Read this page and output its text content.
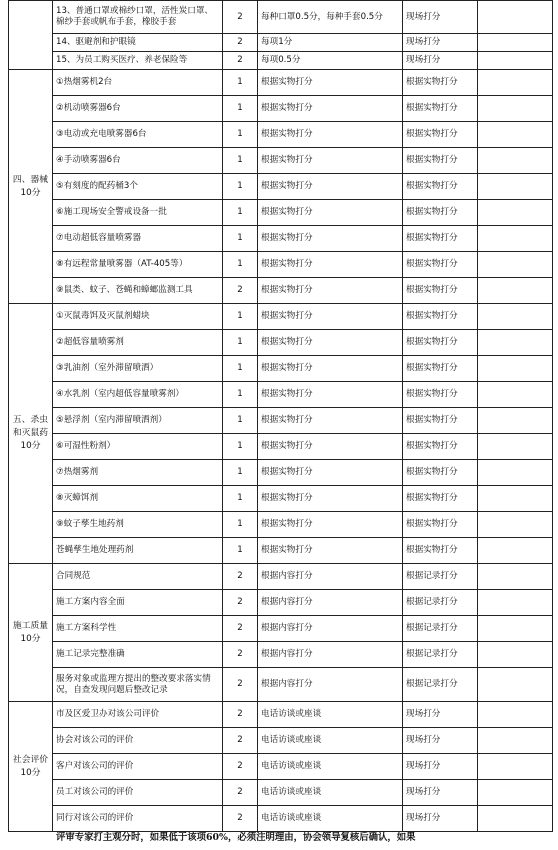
	13、普通口罩或棉纱口罩，活性炭口罩、棉纱手套或帆布手套，橡胶手套	2	每种口罩0.5分，每种手套0.5分	现场打分	
	14、驱避剂和护眼镜	2	每项1分	现场打分	
	15、为员工购买医疗、养老保险等	2	每项0.5分	现场打分	
四、器械 10分	①热烟雾机2台	1	根据实物打分	根据实物打分	
	②机动喷雾器6台	1	根据实物打分	根据实物打分	
	③电动或充电喷雾器6台	1	根据实物打分	根据实物打分	
	④手动喷雾器6台	1	根据实物打分	根据实物打分	
	⑤有刻度的配药桶3个	1	根据实物打分	根据实物打分	
	⑥施工现场安全警戒设备一批	1	根据实物打分	根据实物打分	
	⑦电动超低容量喷雾器	1	根据实物打分	根据实物打分	
	⑧有远程常量喷雾器（AT-405等）	1	根据实物打分	根据实物打分	
	⑨鼠类、蚊子、苍蝇和蟑螂监测工具	2	根据实物打分	根据实物打分	
五、杀虫和灭鼠药 10分	①灭鼠毒饵及灭鼠剂蜡块	1	根据实物打分	根据实物打分	
	②超低容量喷雾剂	1	根据实物打分	根据实物打分	
	③乳油剂（室外滞留喷洒）	1	根据实物打分	根据实物打分	
	④水乳剂（室内超低容量喷雾剂）	1	根据实物打分	根据实物打分	
	⑤悬浮剂（室内滞留喷洒剂）	1	根据实物打分	根据实物打分	
	⑥可湿性粉剂）	1	根据实物打分	根据实物打分	
	⑦热烟雾剂	1	根据实物打分	根据实物打分	
	⑧灭蟑饵剂	1	根据实物打分	根据实物打分	
	⑨蚊子孳生地药剂	1	根据实物打分	根据实物打分	
	苍蝇孳生地处理药剂	1	根据实物打分	根据实物打分	
施工质量 10分	合同规范	2	根据内容打分	根据记录打分	
	施工方案内容全面	2	根据内容打分	根据记录打分	
	施工方案科学性	2	根据内容打分	根据记录打分	
	施工记录完整准确	2	根据内容打分	根据记录打分	
	服务对象或监理方提出的整改要求落实情况，自查发现问题后整改记录	2	根据内容打分	根据记录打分	
社会评价 10分	市及区爱卫办对该公司评价	2	电话访谈或座谈	现场打分	
	协会对该公司的评价	2	电话访谈或座谈	现场打分	
	客户对该公司的评价	2	电话访谈或座谈	现场打分	
	员工对该公司的评价	2	电话访谈或座谈	现场打分	
	同行对该公司的评价	2	电话访谈或座谈	现场打分	
评审专家打主观分时，如果低于该项60%，必须注明理由，协会领导复核后确认，如果
